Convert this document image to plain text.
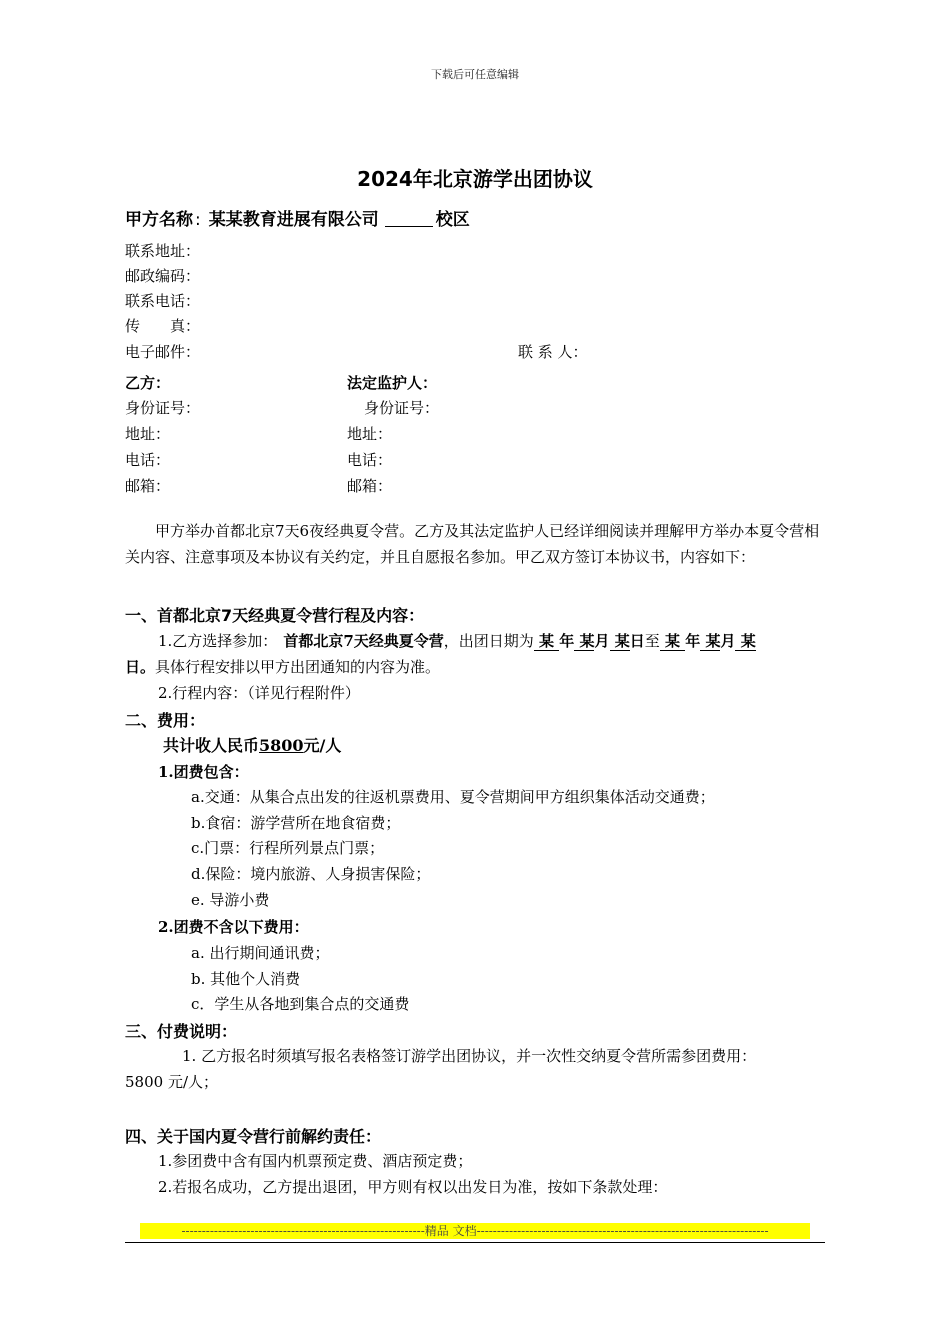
下载后可任意编辑
2024年北京游学出团协议
甲方名称 : 某某教育进展有限公司	校区
联系地址：
邮政编码：
联系电话：
传　　真：
电子邮件：	联 系 人：
乙方：	法定监护人：
身份证号：	身份证号：
地址：	地址：
电话：	电话：
邮箱：	邮箱：
甲方举办首都北京7天6夜经典夏令营。乙方及其法定监护人已经详细阅读并理解甲方举办本夏令营相关内容、注意事项及本协议有关约定，并且自愿报名参加。甲乙双方签订本协议书，内容如下：
一、首都北京7天经典夏令营行程及内容：
1.乙方选择参加： 首都北京7天经典夏令营，出团日期为 某 年 某月 某日至 某 年 某月 某
日。具体行程安排以甲方出团通知的内容为准。
2.行程内容：（详见行程附件）
二、费用：
共计收人民币5800元/人
1.团费包含：
a.交通：从集合点出发的往返机票费用、夏令营期间甲方组织集体活动交通费；
b.食宿：游学营所在地食宿费；
c.门票：行程所列景点门票；
d.保险：境内旅游、人身损害保险；
e. 导游小费
2.团费不含以下费用：
a. 出行期间通讯费；
b. 其他个人消费
c．学生从各地到集合点的交通费
三、付费说明：
1. 乙方报名时须填写报名表格签订游学出团协议，并一次性交纳夏令营所需参团费用：
5800 元/人；
四、关于国内夏令营行前解约责任：
1.参团费中含有国内机票预定费、酒店预定费；
2.若报名成功，乙方提出退团，甲方则有权以出发日为准，按如下条款处理：
------------------------------------------------------------精品 文档------------------------------------------------------------------------
